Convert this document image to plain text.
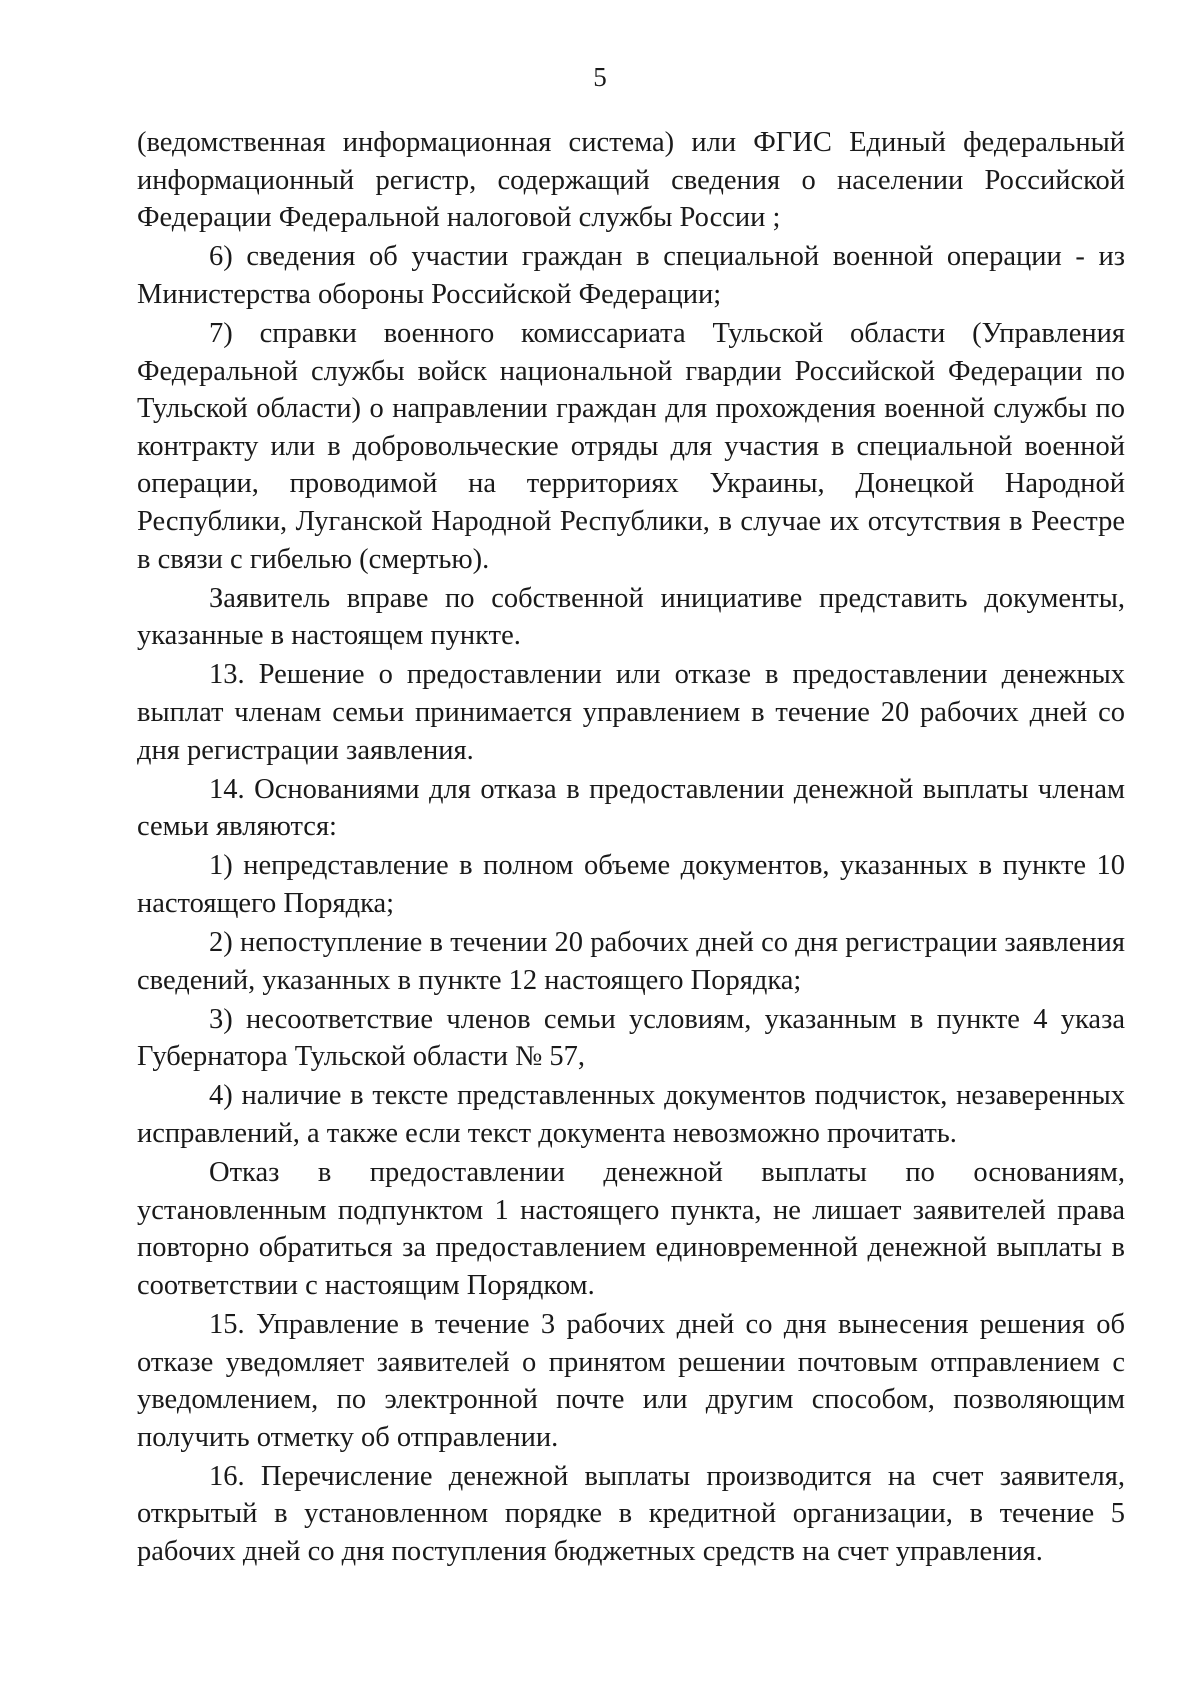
5

(ведомственная информационная система) или ФГИС Единый федеральный информационный регистр, содержащий сведения о населении Российской Федерации Федеральной налоговой службы России ;

6) сведения об участии граждан в специальной военной операции - из Министерства обороны Российской Федерации;

7) справки военного комиссариата Тульской области (Управления Федеральной службы войск национальной гвардии Российской Федерации по Тульской области) о направлении граждан для прохождения военной службы по контракту или в добровольческие отряды для участия в специальной военной операции, проводимой на территориях Украины, Донецкой Народной Республики, Луганской Народной Республики, в случае их отсутствия в Реестре в связи с гибелью (смертью).

Заявитель вправе по собственной инициативе представить документы, указанные в настоящем пункте.

13. Решение о предоставлении или отказе в предоставлении денежных выплат членам семьи принимается управлением в течение 20 рабочих дней со дня регистрации заявления.

14. Основаниями для отказа в предоставлении денежной выплаты членам семьи являются:

1) непредставление в полном объеме документов, указанных в пункте 10 настоящего Порядка;

2) непоступление в течении 20 рабочих дней со дня регистрации заявления сведений, указанных в пункте 12 настоящего Порядка;

3) несоответствие членов семьи условиям, указанным в пункте 4 указа Губернатора Тульской области № 57,

4) наличие в тексте представленных документов подчисток, незаверенных исправлений, а также если текст документа невозможно прочитать.

Отказ в предоставлении денежной выплаты по основаниям, установленным подпунктом 1 настоящего пункта, не лишает заявителей права повторно обратиться за предоставлением единовременной денежной выплаты в соответствии с настоящим Порядком.

15. Управление в течение 3 рабочих дней со дня вынесения решения об отказе уведомляет заявителей о принятом решении почтовым отправлением с уведомлением, по электронной почте или другим способом, позволяющим получить отметку об отправлении.

16. Перечисление денежной выплаты производится на счет заявителя, открытый в установленном порядке в кредитной организации, в течение 5 рабочих дней со дня поступления бюджетных средств на счет управления.
